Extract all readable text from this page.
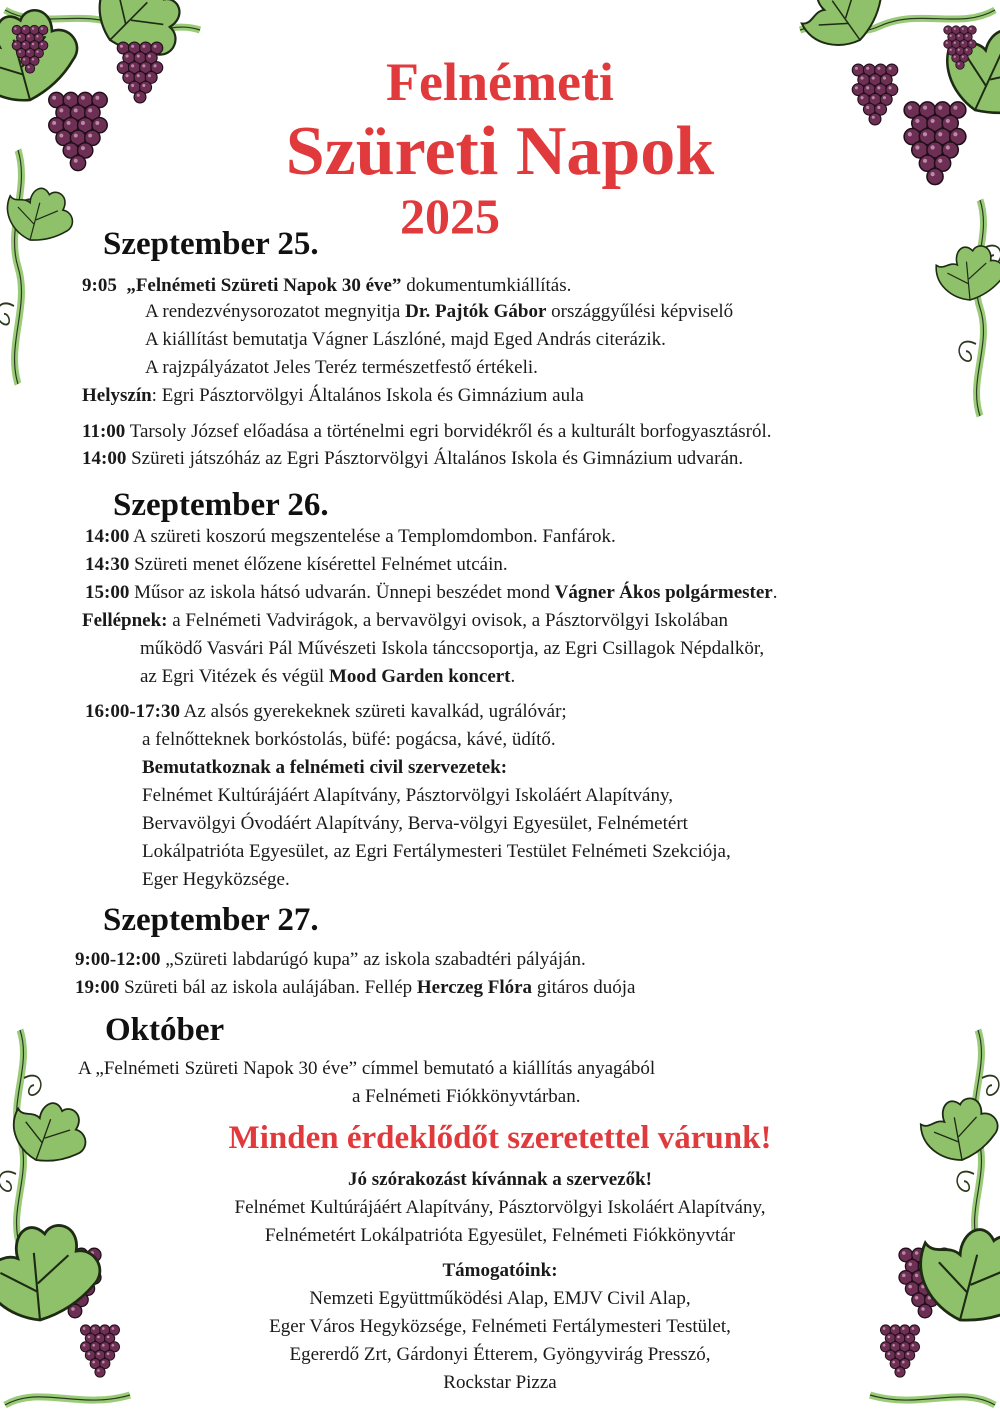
Felnémeti
Szüreti Napok
2025
Szeptember 25.
9:05 „Felnémeti Szüreti Napok 30 éve” dokumentumkiállítás.
A rendezvénysorozatot megnyitja Dr. Pajtók Gábor országgyűlési képviselő
A kiállítást bemutatja Vágner Lászlóné, majd Eged András citerázik.
A rajzpályázatot Jeles Teréz természetfestő értékeli.
Helyszín: Egri Pásztorvölgyi Általános Iskola és Gimnázium aula
11:00 Tarsoly József előadása a történelmi egri borvidékről és a kulturált borfogyasztásról.
14:00 Szüreti játszóház az Egri Pásztorvölgyi Általános Iskola és Gimnázium udvarán.
Szeptember 26.
14:00 A szüreti koszorú megszentelése a Templomdombon. Fanfárok.
14:30 Szüreti menet élőzene kísérettel Felnémet utcáin.
15:00 Műsor az iskola hátsó udvarán. Ünnepi beszédet mond Vágner Ákos polgármester.
Fellépnek: a Felnémeti Vadvirágok, a bervavölgyi ovisok, a Pásztorvölgyi Iskolában
működő Vasvári Pál Művészeti Iskola tánccsoportja, az Egri Csillagok Népdalkör,
az Egri Vitézek és végül Mood Garden koncert.
16:00-17:30 Az alsós gyerekeknek szüreti kavalkád, ugrálóvár;
a felnőtteknek borkóstolás, büfé: pogácsa, kávé, üdítő.
Bemutatkoznak a felnémeti civil szervezetek:
Felnémet Kultúrájáért Alapítvány, Pásztorvölgyi Iskoláért Alapítvány,
Bervavölgyi Óvodáért Alapítvány, Berva-völgyi Egyesület, Felnémetért
Lokálpatrióta Egyesület, az Egri Fertálymesteri Testület Felnémeti Szekciója,
Eger Hegyközsége.
Szeptember 27.
9:00-12:00 „Szüreti labdarúgó kupa” az iskola szabadtéri pályáján.
19:00 Szüreti bál az iskola aulájában. Fellép Herczeg Flóra gitáros duója
Október
A „Felnémeti Szüreti Napok 30 éve” címmel bemutató a kiállítás anyagából
a Felnémeti Fiókkönyvtárban.
Minden érdeklődőt szeretettel várunk!
Jó szórakozást kívánnak a szervezők!
Felnémet Kultúrájáért Alapítvány, Pásztorvölgyi Iskoláért Alapítvány,
Felnémetért Lokálpatrióta Egyesület, Felnémeti Fiókkönyvtár
Támogatóink:
Nemzeti Együttműködési Alap, EMJV Civil Alap,
Eger Város Hegyközsége, Felnémeti Fertálymesteri Testület,
Egererdő Zrt, Gárdonyi Étterem, Gyöngyvirág Presszó,
Rockstar Pizza
